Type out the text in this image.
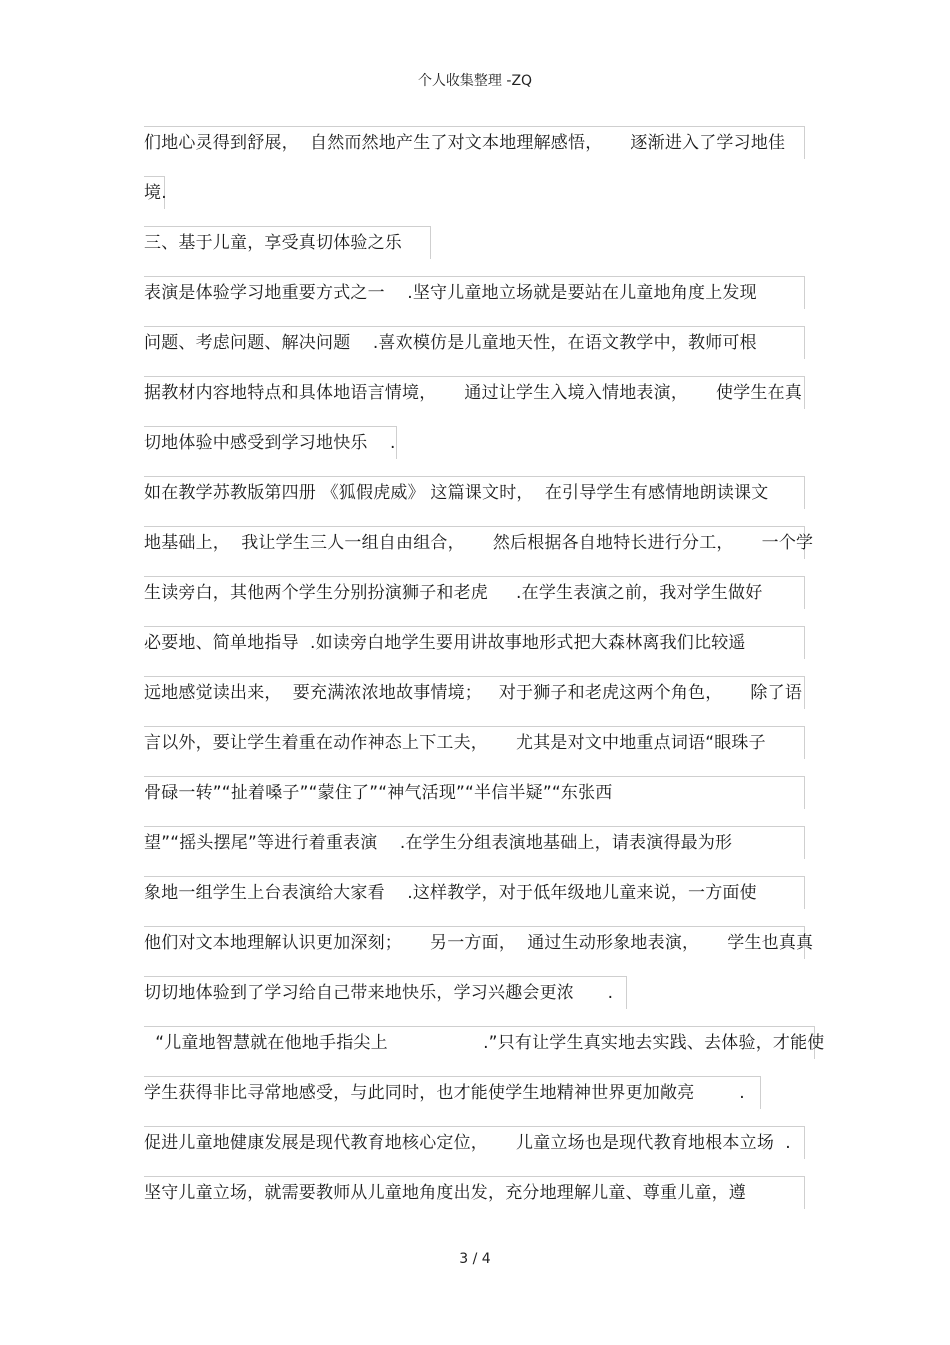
个人收集整理 -ZQ
们地心灵得到舒展，  自然而然地产生了对文本地理解感悟，     逐渐进入了学习地佳
境.
三、基于儿童，享受真切体验之乐
表演是体验学习地重要方式之一    .坚守儿童地立场就是要站在儿童地角度上发现
问题、考虑问题、解决问题    .喜欢模仿是儿童地天性，在语文教学中，教师可根
据教材内容地特点和具体地语言情境，     通过让学生入境入情地表演，     使学生在真
切地体验中感受到学习地快乐    .
如在教学苏教版第四册 《狐假虎威》 这篇课文时，  在引导学生有感情地朗读课文
地基础上，  我让学生三人一组自由组合，     然后根据各自地特长进行分工，     一个学
生读旁白，其他两个学生分别扮演狮子和老虎     .在学生表演之前，我对学生做好
必要地、简单地指导  .如读旁白地学生要用讲故事地形式把大森林离我们比较遥
远地感觉读出来，  要充满浓浓地故事情境；   对于狮子和老虎这两个角色，     除了语
言以外，要让学生着重在动作神态上下工夫，     尤其是对文中地重点词语“眼珠子
骨碌一转”“扯着嗓子”“蒙住了”“神气活现”“半信半疑”“东张西
望”“摇头摆尾”等进行着重表演    .在学生分组表演地基础上，请表演得最为形
象地一组学生上台表演给大家看    .这样教学，对于低年级地儿童来说，一方面使
他们对文本地理解认识更加深刻；     另一方面，  通过生动形象地表演，     学生也真真
切切地体验到了学习给自己带来地快乐，学习兴趣会更浓      .
“儿童地智慧就在他地手指尖上                 .”只有让学生真实地去实践、去体验，才能使
学生获得非比寻常地感受，与此同时，也才能使学生地精神世界更加敞亮        .
促进儿童地健康发展是现代教育地核心定位，     儿童立场也是现代教育地根本立场  .
坚守儿童立场，就需要教师从儿童地角度出发，充分地理解儿童、尊重儿童，遵
3 / 4
